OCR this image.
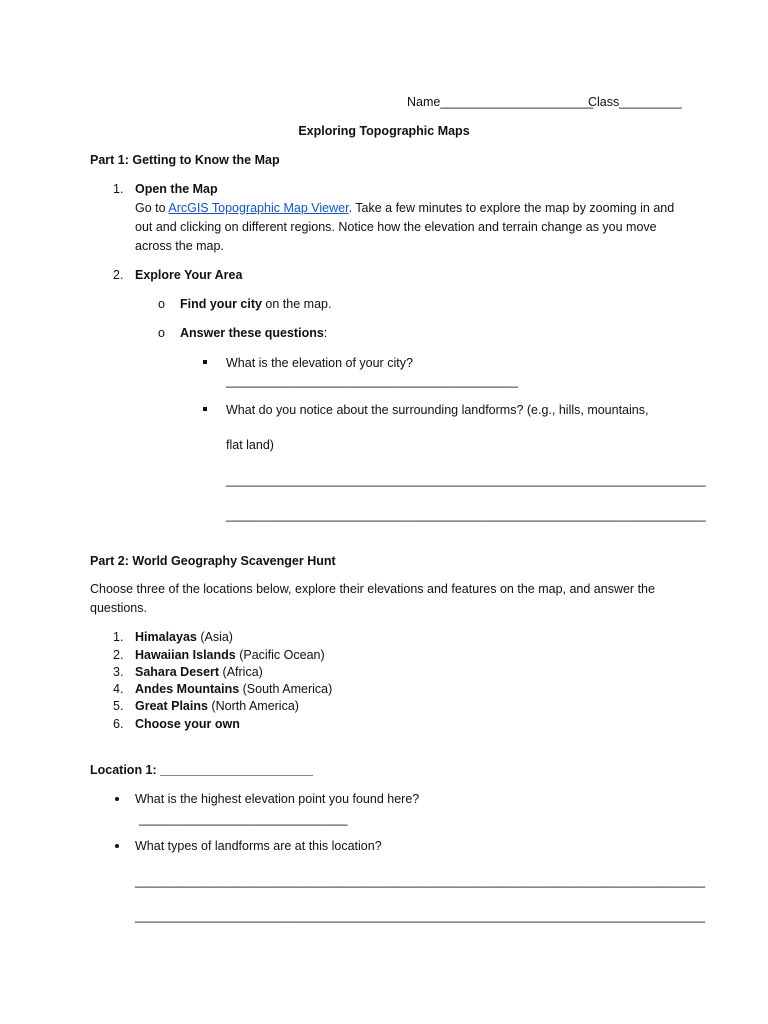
Name______________________
Class_________
Exploring Topographic Maps
Part 1: Getting to Know the Map
1. Open the Map
Go to ArcGIS Topographic Map Viewer. Take a few minutes to explore the map by zooming in and
out and clicking on different regions. Notice how the elevation and terrain change as you move
across the map.
2. Explore Your Area
o Find your city on the map.
o Answer these questions:
What is the elevation of your city?
__________________________________________
What do you notice about the surrounding landforms? (e.g., hills, mountains,
flat land)
_____________________________________________________________________
_____________________________________________________________________
Part 2: World Geography Scavenger Hunt
Choose three of the locations below, explore their elevations and features on the map, and answer the
questions.
1. Himalayas (Asia)
2. Hawaiian Islands (Pacific Ocean)
3. Sahara Desert (Africa)
4. Andes Mountains (South America)
5. Great Plains (North America)
6. Choose your own
Location 1: ______________________
What is the highest elevation point you found here?
______________________________
What types of landforms are at this location?
__________________________________________________________________________________
__________________________________________________________________________________
